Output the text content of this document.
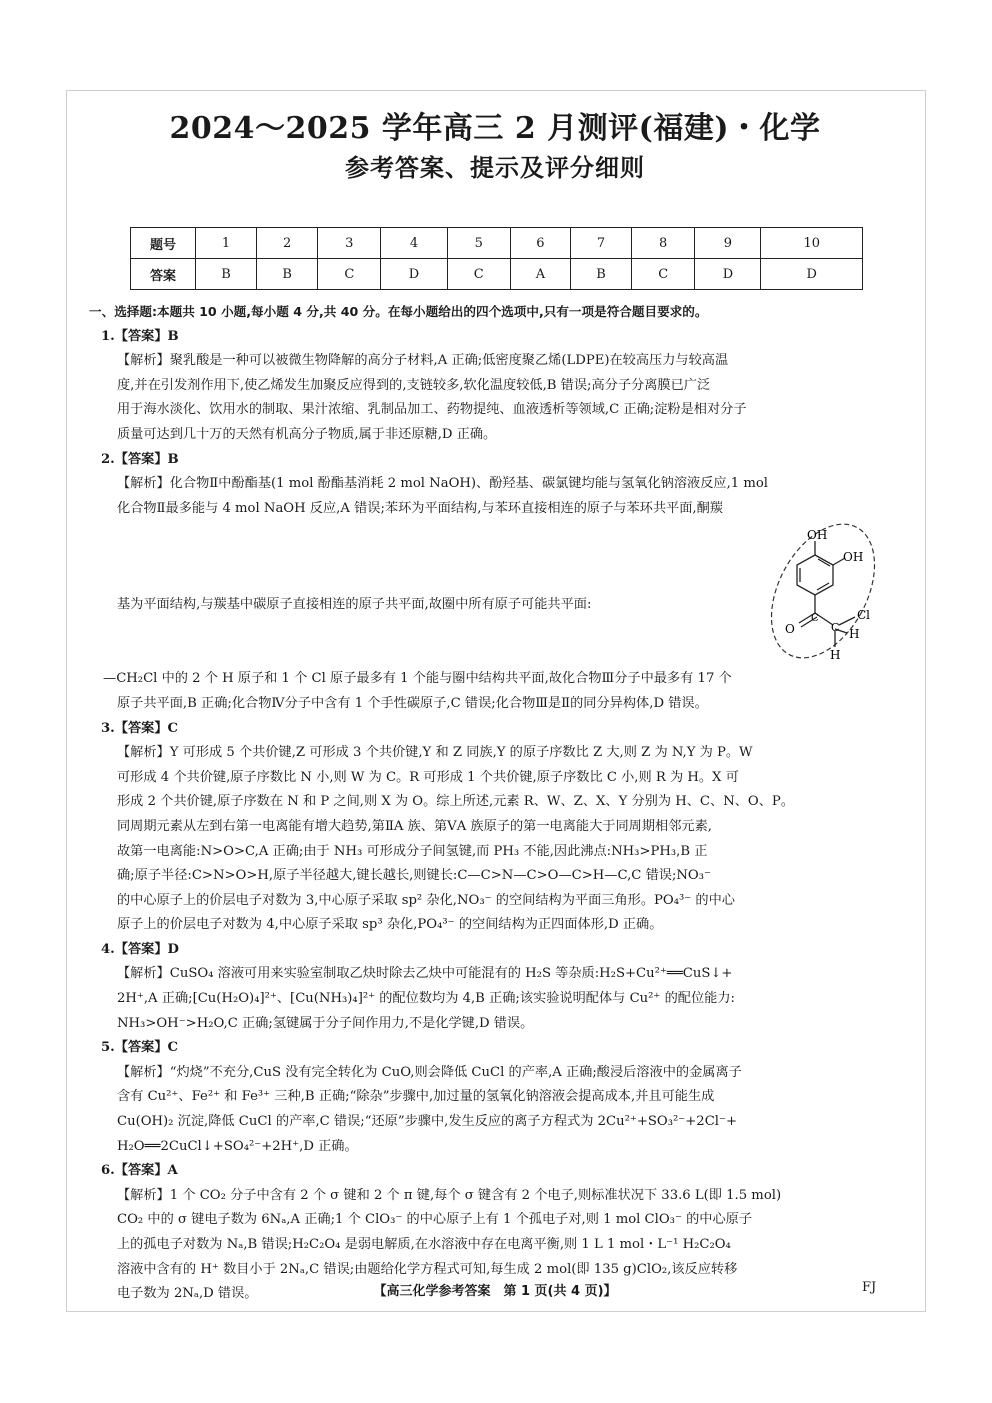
2024～2025 学年高三 2 月测评(福建)・化学
参考答案、提示及评分细则
题号	1	2	3	4	5	6	7	8	9	10
答案	B	B	C	D	C	A	B	C	D	D

一、选择题:本题共 10 小题,每小题 4 分,共 40 分。在每小题给出的四个选项中,只有一项是符合题目要求的。

1.【答案】B

【解析】聚乳酸是一种可以被微生物降解的高分子材料,A 正确;低密度聚乙烯(LDPE)在较高压力与较高温

度,并在引发剂作用下,使乙烯发生加聚反应得到的,支链较多,软化温度较低,B 错误;高分子分离膜已广泛

用于海水淡化、饮用水的制取、果汁浓缩、乳制品加工、药物提纯、血液透析等领域,C 正确;淀粉是相对分子

质量可达到几十万的天然有机高分子物质,属于非还原糖,D 正确。

2.【答案】B

【解析】化合物Ⅱ中酚酯基(1 mol 酚酯基消耗 2 mol NaOH)、酚羟基、碳氯键均能与氢氧化钠溶液反应,1 mol

化合物Ⅱ最多能与 4 mol NaOH 反应,A 错误;苯环为平面结构,与苯环直接相连的原子与苯环共平面,酮羰

基为平面结构,与羰基中碳原子直接相连的原子共平面,故圈中所有原子可能共平面:
OH
OH
O
C
C
Cl
H
H

—CH₂Cl 中的 2 个 H 原子和 1 个 Cl 原子最多有 1 个能与圈中结构共平面,故化合物Ⅲ分子中最多有 17 个

原子共平面,B 正确;化合物Ⅳ分子中含有 1 个手性碳原子,C 错误;化合物Ⅲ是Ⅱ的同分异构体,D 错误。

3.【答案】C

【解析】Y 可形成 5 个共价键,Z 可形成 3 个共价键,Y 和 Z 同族,Y 的原子序数比 Z 大,则 Z 为 N,Y 为 P。W

可形成 4 个共价键,原子序数比 N 小,则 W 为 C。R 可形成 1 个共价键,原子序数比 C 小,则 R 为 H。X 可

形成 2 个共价键,原子序数在 N 和 P 之间,则 X 为 O。综上所述,元素 R、W、Z、X、Y 分别为 H、C、N、O、P。

同周期元素从左到右第一电离能有增大趋势,第ⅡA 族、第ⅤA 族原子的第一电离能大于同周期相邻元素,

故第一电离能:N>O>C,A 正确;由于 NH₃ 可形成分子间氢键,而 PH₃ 不能,因此沸点:NH₃>PH₃,B 正

确;原子半径:C>N>O>H,原子半径越大,键长越长,则键长:C—C>N—C>O—C>H—C,C 错误;NO₃⁻

的中心原子上的价层电子对数为 3,中心原子采取 sp² 杂化,NO₃⁻ 的空间结构为平面三角形。PO₄³⁻ 的中心

原子上的价层电子对数为 4,中心原子采取 sp³ 杂化,PO₄³⁻ 的空间结构为正四面体形,D 正确。

4.【答案】D

【解析】CuSO₄ 溶液可用来实验室制取乙炔时除去乙炔中可能混有的 H₂S 等杂质:H₂S+Cu²⁺══CuS↓+

2H⁺,A 正确;[Cu(H₂O)₄]²⁺、[Cu(NH₃)₄]²⁺ 的配位数均为 4,B 正确;该实验说明配体与 Cu²⁺ 的配位能力:

NH₃>OH⁻>H₂O,C 正确;氢键属于分子间作用力,不是化学键,D 错误。

5.【答案】C

【解析】“灼烧”不充分,CuS 没有完全转化为 CuO,则会降低 CuCl 的产率,A 正确;酸浸后溶液中的金属离子

含有 Cu²⁺、Fe²⁺ 和 Fe³⁺ 三种,B 正确;“除杂”步骤中,加过量的氢氧化钠溶液会提高成本,并且可能生成

Cu(OH)₂ 沉淀,降低 CuCl 的产率,C 错误;“还原”步骤中,发生反应的离子方程式为 2Cu²⁺+SO₃²⁻+2Cl⁻+

H₂O══2CuCl↓+SO₄²⁻+2H⁺,D 正确。

6.【答案】A

【解析】1 个 CO₂ 分子中含有 2 个 σ 键和 2 个 π 键,每个 σ 键含有 2 个电子,则标准状况下 33.6 L(即 1.5 mol)

CO₂ 中的 σ 键电子数为 6Nₐ,A 正确;1 个 ClO₃⁻ 的中心原子上有 1 个孤电子对,则 1 mol ClO₃⁻ 的中心原子

上的孤电子对数为 Nₐ,B 错误;H₂C₂O₄ 是弱电解质,在水溶液中存在电离平衡,则 1 L 1 mol・L⁻¹ H₂C₂O₄

溶液中含有的 H⁺ 数目小于 2Nₐ,C 错误;由题给化学方程式可知,每生成 2 mol(即 135 g)ClO₂,该反应转移

电子数为 2Nₐ,D 错误。	【高三化学参考答案　第 1 页(共 4 页)】	FJ
